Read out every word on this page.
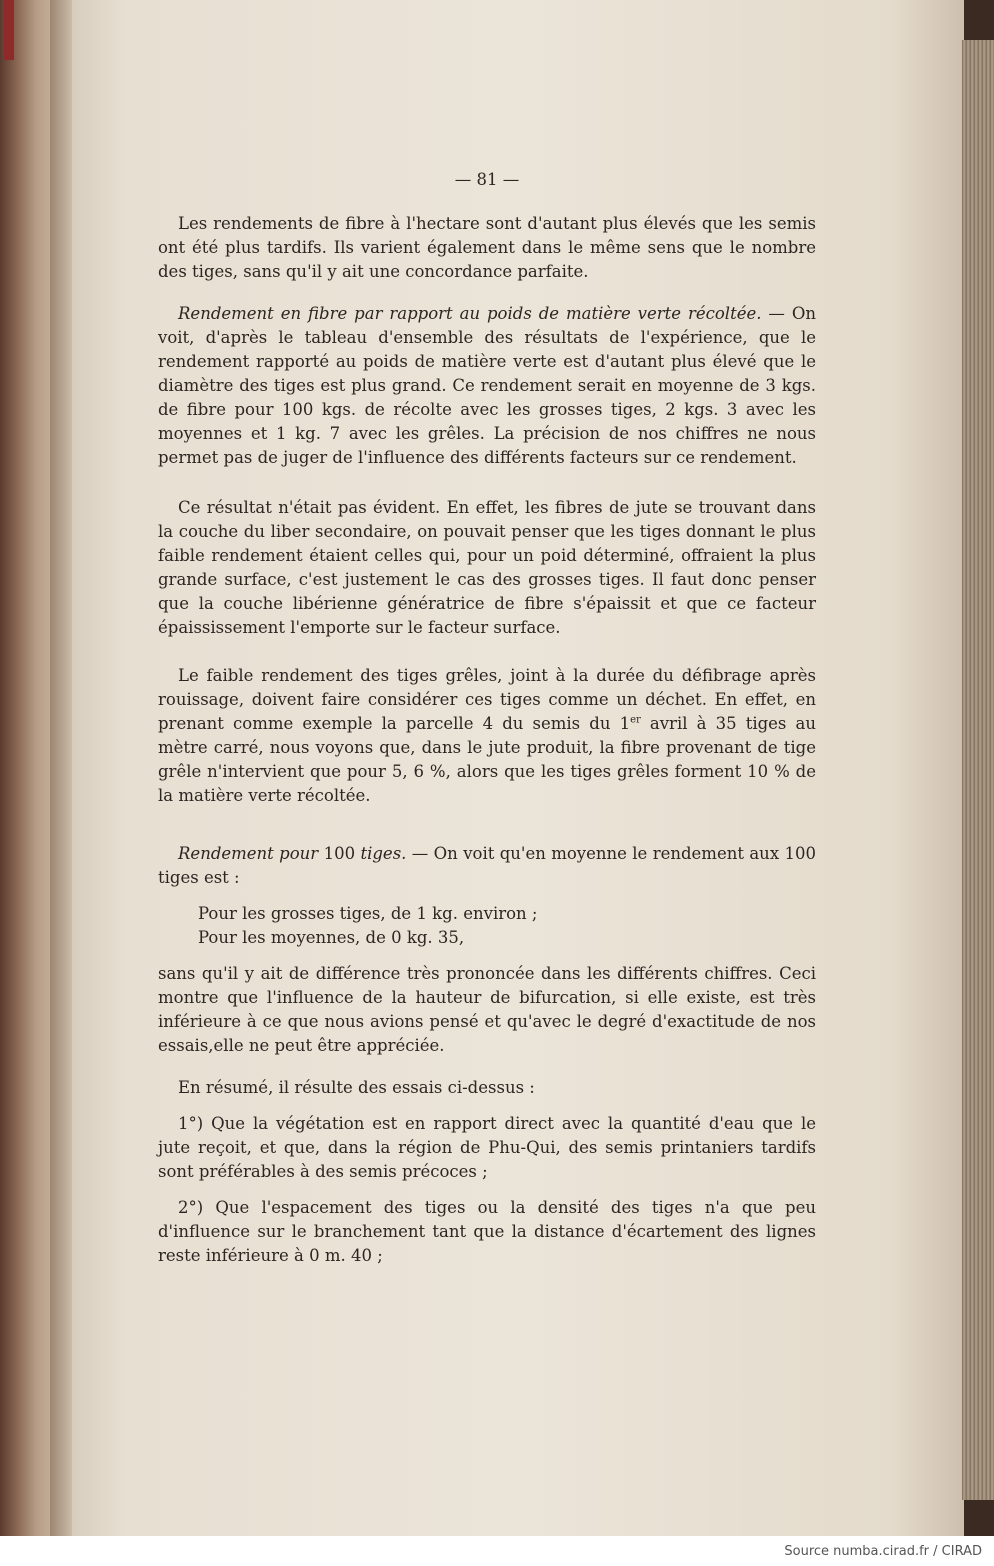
— 81 —

Les rendements de fibre à l'hectare sont d'autant plus élevés que les semis ont été plus tardifs. Ils varient également dans le même sens que le nombre des tiges, sans qu'il y ait une concordance parfaite.

Rendement en fibre par rapport au poids de matière verte récoltée. — On voit, d'après le tableau d'ensemble des résultats de l'expérience, que le rendement rapporté au poids de matière verte est d'autant plus élevé que le diamètre des tiges est plus grand. Ce rendement serait en moyenne de 3 kgs. de fibre pour 100 kgs. de récolte avec les grosses tiges, 2 kgs. 3 avec les moyennes et 1 kg. 7 avec les grêles. La précision de nos chiffres ne nous permet pas de juger de l'influence des différents facteurs sur ce rendement.

Ce résultat n'était pas évident. En effet, les fibres de jute se trouvant dans la couche du liber secondaire, on pouvait penser que les tiges donnant le plus faible rendement étaient celles qui, pour un poid déterminé, offraient la plus grande surface, c'est justement le cas des grosses tiges. Il faut donc penser que la couche libérienne génératrice de fibre s'épaissit et que ce facteur épaississement l'emporte sur le facteur surface.

Le faible rendement des tiges grêles, joint à la durée du défibrage après rouissage, doivent faire considérer ces tiges comme un déchet. En effet, en prenant comme exemple la parcelle 4 du semis du 1er avril à 35 tiges au mètre carré, nous voyons que, dans le jute produit, la fibre provenant de tige grêle n'intervient que pour 5, 6 %, alors que les tiges grêles forment 10 % de la matière verte récoltée.

Rendement pour 100 tiges. — On voit qu'en moyenne le rendement aux 100 tiges est :

Pour les grosses tiges, de 1 kg. environ ;

Pour les moyennes, de 0 kg. 35,

sans qu'il y ait de différence très prononcée dans les différents chiffres. Ceci montre que l'influence de la hauteur de bifurcation, si elle existe, est très inférieure à ce que nous avions pensé et qu'avec le degré d'exactitude de nos essais,elle ne peut être appréciée.

En résumé, il résulte des essais ci-dessus :

1°) Que la végétation est en rapport direct avec la quantité d'eau que le jute reçoit, et que, dans la région de Phu-Qui, des semis printaniers tardifs sont préférables à des semis précoces ;

2°) Que l'espacement des tiges ou la densité des tiges n'a que peu d'influence sur le branchement tant que la distance d'écartement des lignes reste inférieure à 0 m. 40 ;

Source numba.cirad.fr / CIRAD
